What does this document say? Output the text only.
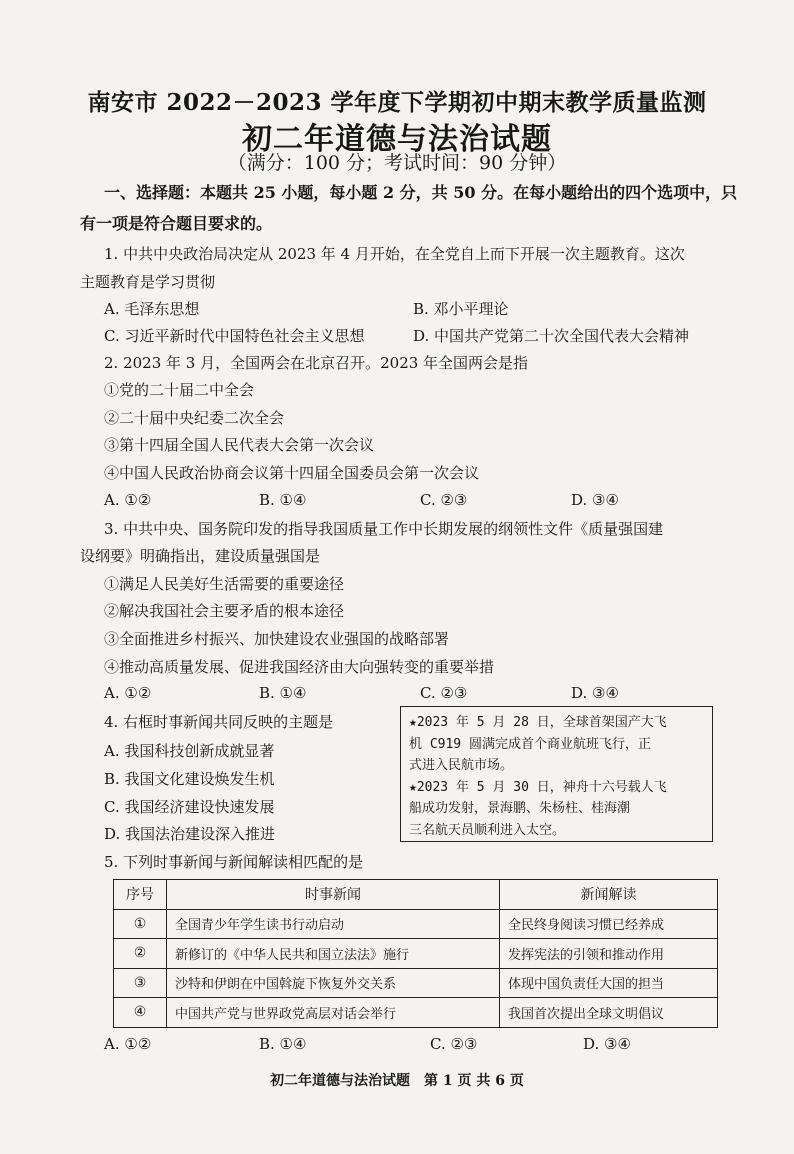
南安市 2022－2023 学年度下学期初中期末教学质量监测
初二年道德与法治试题
（满分：100 分；考试时间：90 分钟）
一、选择题：本题共 25 小题，每小题 2 分，共 50 分。在每小题给出的四个选项中，只
有一项是符合题目要求的。
1. 中共中央政治局决定从 2023 年 4 月开始，在全党自上而下开展一次主题教育。这次
主题教育是学习贯彻
A. 毛泽东思想	B. 邓小平理论
C. 习近平新时代中国特色社会主义思想	D. 中国共产党第二十次全国代表大会精神
2. 2023 年 3 月，全国两会在北京召开。2023 年全国两会是指
①党的二十届二中全会
②二十届中央纪委二次全会
③第十四届全国人民代表大会第一次会议
④中国人民政治协商会议第十四届全国委员会第一次会议
A. ①②	B. ①④	C. ②③	D. ③④
3. 中共中央、国务院印发的指导我国质量工作中长期发展的纲领性文件《质量强国建
设纲要》明确指出，建设质量强国是
①满足人民美好生活需要的重要途径
②解决我国社会主要矛盾的根本途径
③全面推进乡村振兴、加快建设农业强国的战略部署
④推动高质量发展、促进我国经济由大向强转变的重要举措
A. ①②	B. ①④	C. ②③	D. ③④
4. 右框时事新闻共同反映的主题是
A. 我国科技创新成就显著
B. 我国文化建设焕发生机
C. 我国经济建设快速发展
D. 我国法治建设深入推进

★2023 年 5 月 28 日，全球首架国产大飞

机 C919 圆满完成首个商业航班飞行，正

式进入民航市场。

★2023 年 5 月 30 日，神舟十六号载人飞

船成功发射，景海鹏、朱杨柱、桂海潮

三名航天员顺利进入太空。

5. 下列时事新闻与新闻解读相匹配的是
序号	时事新闻	新闻解读
①	全国青少年学生读书行动启动	全民终身阅读习惯已经养成
②	新修订的《中华人民共和国立法法》施行	发挥宪法的引领和推动作用
③	沙特和伊朗在中国斡旋下恢复外交关系	体现中国负责任大国的担当
④	中国共产党与世界政党高层对话会举行	我国首次提出全球文明倡议
A. ①②	B. ①④	C. ②③	D. ③④
初二年道德与法治试题　第 1 页 共 6 页
